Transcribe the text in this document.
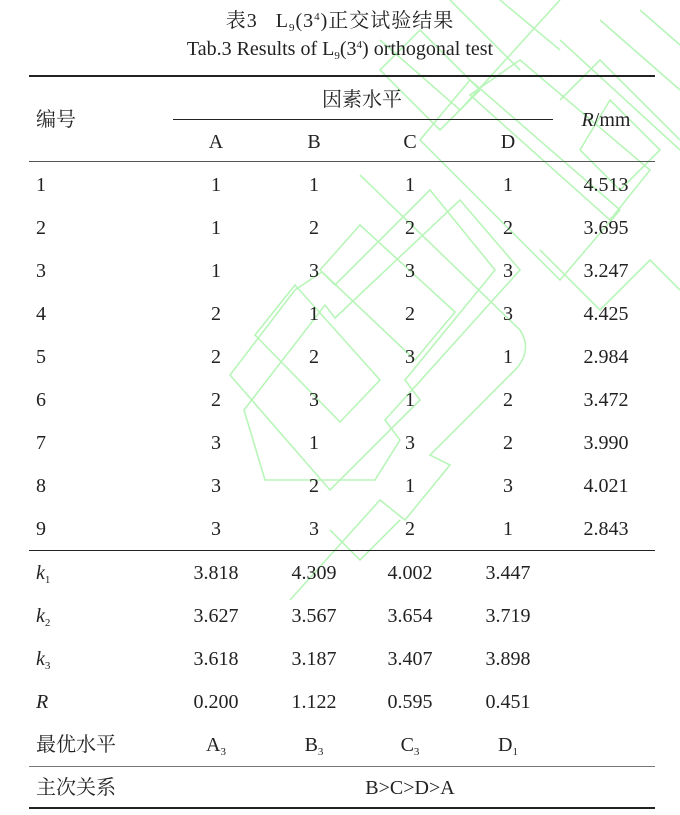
表3 $L_9(3^4)$正交试验结果
Tab.3 Results of $L_9(3^4)$ orthogonal test
编号
因素水平
A	B	C	D
R/mm
1	1	1	1	1	4.513
2	1	2	2	2	3.695
3	1	3	3	3	3.247
4	2	1	2	3	4.425
5	2	2	3	1	2.984
6	2	3	1	2	3.472
7	3	1	3	2	3.990
8	3	2	1	3	4.021
9	3	3	2	1	2.843
$k_1$	3.818	4.309	4.002	3.447
$k_2$	3.627	3.567	3.654	3.719
$k_3$	3.618	3.187	3.407	3.898
R	0.200	1.122	0.595	0.451
最优水平	$A_3$	$B_3$	$C_3$	$D_1$
主次关系	B>C>D>A
